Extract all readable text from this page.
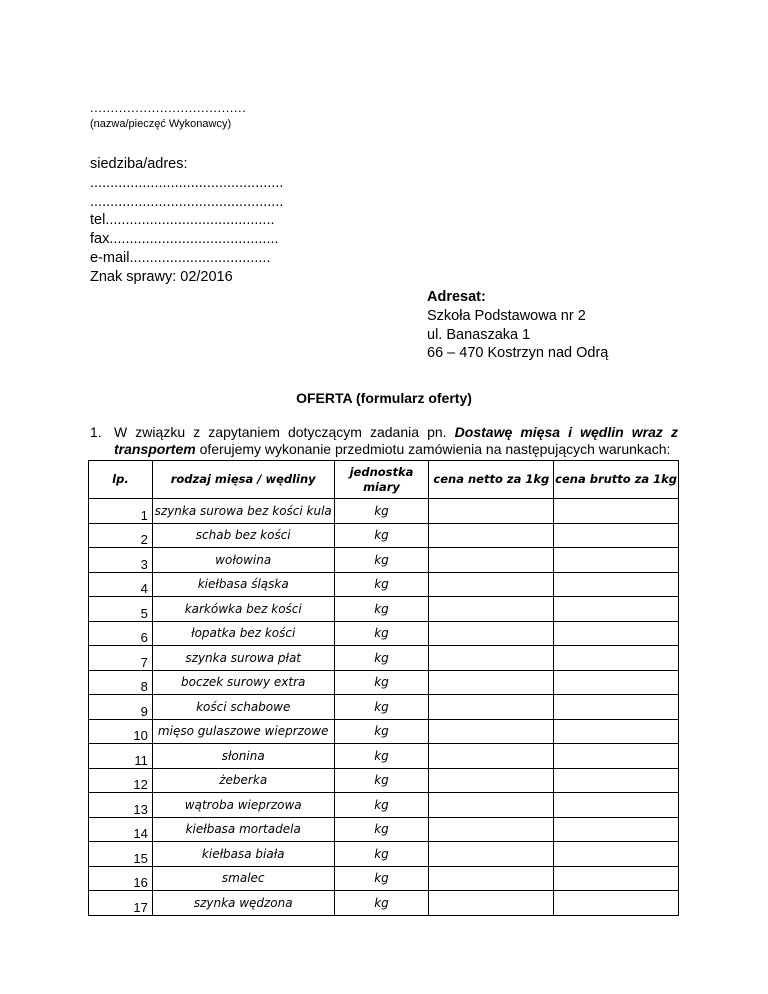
......................................
(nazwa/pieczęć Wykonawcy)
siedziba/adres:
................................................
................................................
tel..........................................
fax..........................................
e-mail...................................
Znak sprawy: 02/2016
Adresat:
Szkoła Podstawowa nr 2
ul. Banaszaka 1
66 – 470 Kostrzyn nad Odrą
OFERTA (formularz oferty)
1. W związku z zapytaniem dotyczącym zadania pn. Dostawę mięsa i wędlin wraz z transportem oferujemy wykonanie przedmiotu zamówienia na następujących warunkach:
lp.	rodzaj mięsa / wędliny	jednostka miary	cena netto za 1kg	cena brutto za 1kg
1	szynka surowa bez kości kula	kg		
2	schab bez kości	kg		
3	wołowina	kg		
4	kiełbasa śląska	kg		
5	karkówka bez kości	kg		
6	łopatka bez kości	kg		
7	szynka surowa płat	kg		
8	boczek surowy extra	kg		
9	kości schabowe	kg		
10	mięso gulaszowe wieprzowe	kg		
11	słonina	kg		
12	żeberka	kg		
13	wątroba wieprzowa	kg		
14	kiełbasa mortadela	kg		
15	kiełbasa biała	kg		
16	smalec	kg		
17	szynka wędzona	kg		
